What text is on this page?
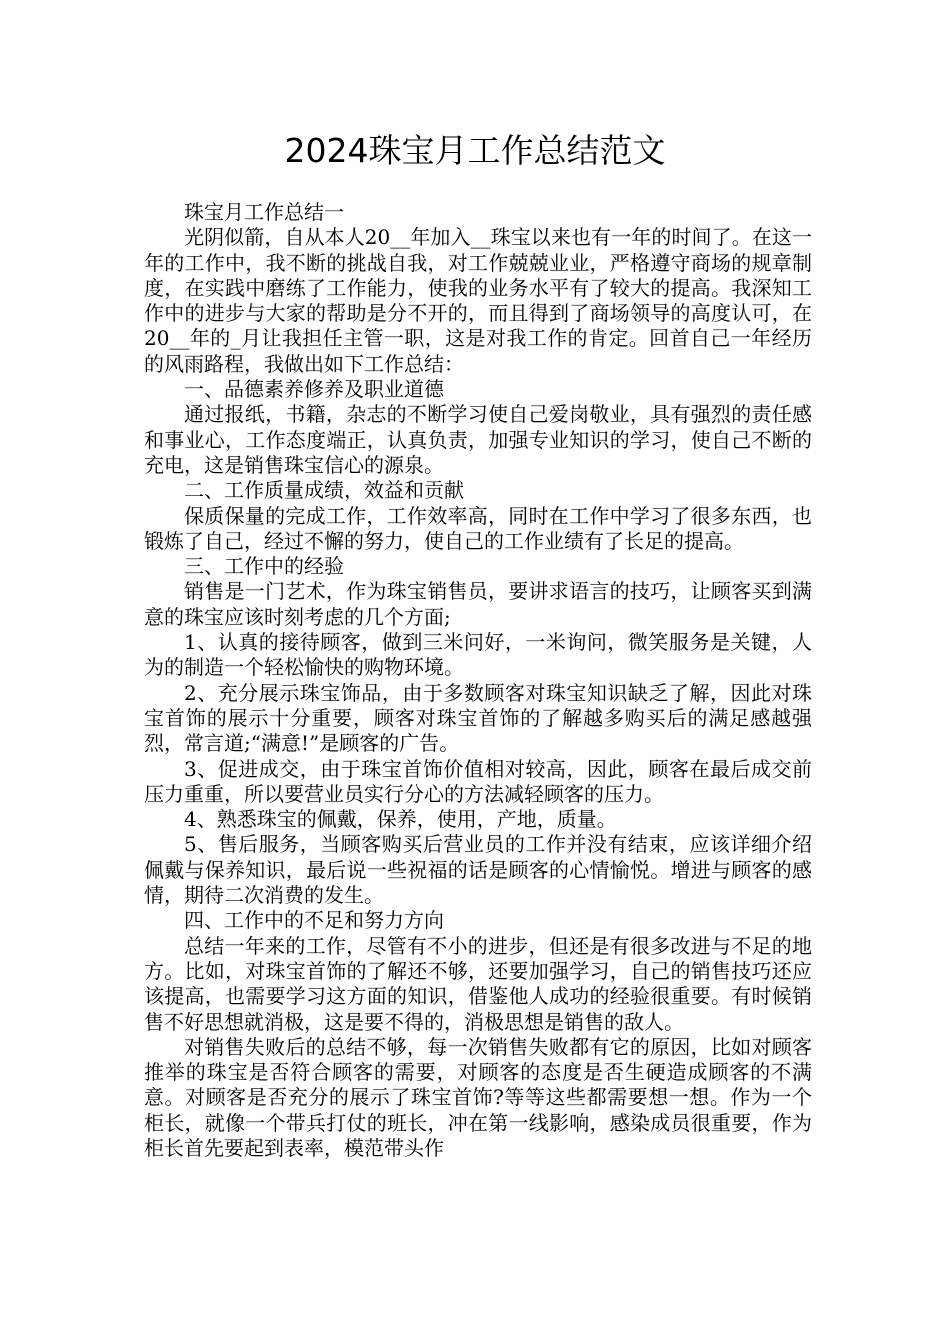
2024珠宝月工作总结范文

珠宝月工作总结一

光阴似箭，自从本人20__年加入__珠宝以来也有一年的时间了。在这一年的工作中，我不断的挑战自我，对工作兢兢业业，严格遵守商场的规章制度，在实践中磨练了工作能力，使我的业务水平有了较大的提高。我深知工作中的进步与大家的帮助是分不开的，而且得到了商场领导的高度认可，在20__年的_月让我担任主管一职，这是对我工作的肯定。回首自己一年经历的风雨路程，我做出如下工作总结：

一、品德素养修养及职业道德

通过报纸，书籍，杂志的不断学习使自己爱岗敬业，具有强烈的责任感和事业心，工作态度端正，认真负责，加强专业知识的学习，使自己不断的充电，这是销售珠宝信心的源泉。

二、工作质量成绩，效益和贡献

保质保量的完成工作，工作效率高，同时在工作中学习了很多东西，也锻炼了自己，经过不懈的努力，使自己的工作业绩有了长足的提高。

三、工作中的经验

销售是一门艺术，作为珠宝销售员，要讲求语言的技巧，让顾客买到满意的珠宝应该时刻考虑的几个方面;

1、认真的接待顾客，做到三米问好，一米询问，微笑服务是关键，人为的制造一个轻松愉快的购物环境。

2、充分展示珠宝饰品，由于多数顾客对珠宝知识缺乏了解，因此对珠宝首饰的展示十分重要，顾客对珠宝首饰的了解越多购买后的满足感越强烈，常言道;“满意!”是顾客的广告。

3、促进成交，由于珠宝首饰价值相对较高，因此，顾客在最后成交前压力重重，所以要营业员实行分心的方法减轻顾客的压力。

4、熟悉珠宝的佩戴，保养，使用，产地，质量。

5、售后服务，当顾客购买后营业员的工作并没有结束，应该详细介绍佩戴与保养知识，最后说一些祝福的话是顾客的心情愉悦。增进与顾客的感情，期待二次消费的发生。

四、工作中的不足和努力方向

总结一年来的工作，尽管有不小的进步，但还是有很多改进与不足的地方。比如，对珠宝首饰的了解还不够，还要加强学习，自己的销售技巧还应该提高，也需要学习这方面的知识，借鉴他人成功的经验很重要。有时候销售不好思想就消极，这是要不得的，消极思想是销售的敌人。

对销售失败后的总结不够，每一次销售失败都有它的原因，比如对顾客推举的珠宝是否符合顾客的需要，对顾客的态度是否生硬造成顾客的不满意。对顾客是否充分的展示了珠宝首饰?等等这些都需要想一想。作为一个柜长，就像一个带兵打仗的班长，冲在第一线影响，感染成员很重要，作为柜长首先要起到表率，模范带头作
